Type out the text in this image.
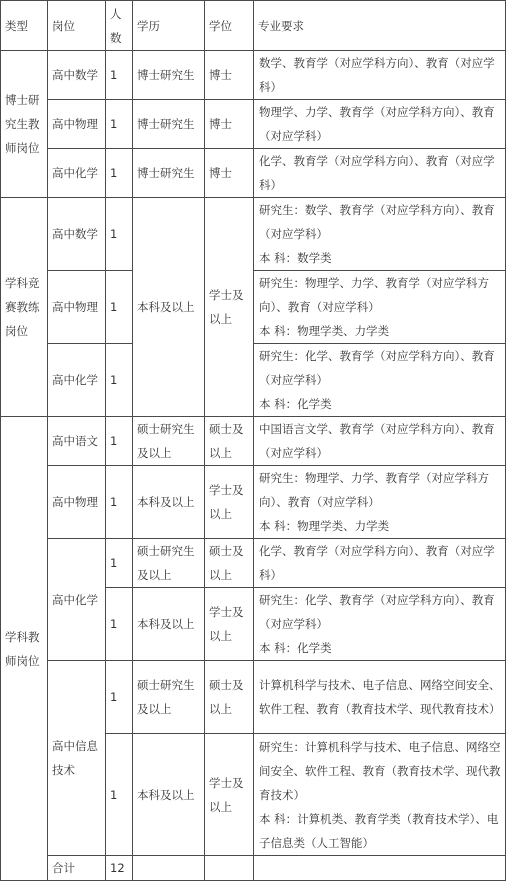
类型	岗位	人数	学历	学位	专业要求
博士研究生教师岗位	高中数学	1	博士研究生	博士	数学、教育学（对应学科方向）、教育（对应学科）
	高中物理	1	博士研究生	博士	物理学、力学、教育学（对应学科方向）、教育（对应学科）
	高中化学	1	博士研究生	博士	化学、教育学（对应学科方向）、教育（对应学科）
学科竞赛教练岗位	高中数学	1	本科及以上	学士及以上	研究生：数学、教育学（对应学科方向）、教育（对应学科）
本 科：数学类

	高中物理	1			研究生：物理学、力学、教育学（对应学科方向）、教育（对应学科）
本 科：物理学类、力学类

	高中化学	1			研究生：化学、教育学（对应学科方向）、教育（对应学科）
本 科：化学类

学科教师岗位	高中语文	1	硕士研究生及以上	硕士及以上	中国语言文学、教育学（对应学科方向）、教育（对应学科）
	高中物理	1	本科及以上	学士及以上	研究生：物理学、力学、教育学（对应学科方向）、教育（对应学科）
本 科：物理学类、力学类

	高中化学	1	硕士研究生及以上	硕士及以上	化学、教育学（对应学科方向）、教育（对应学科）
		1	本科及以上	学士及以上	研究生：化学、教育学（对应学科方向）、教育（对应学科）
本 科：化学类

	高中信息技术	1	硕士研究生及以上	硕士及以上	计算机科学与技术、电子信息、网络空间安全、软件工程、教育（教育技术学、现代教育技术）
		1	本科及以上	学士及以上	研究生：计算机科学与技术、电子信息、网络空间安全、软件工程、教育（教育技术学、现代教育技术）
本 科：计算机类、教育学类（教育技术学）、电子信息类（人工智能）

	合计	12			
